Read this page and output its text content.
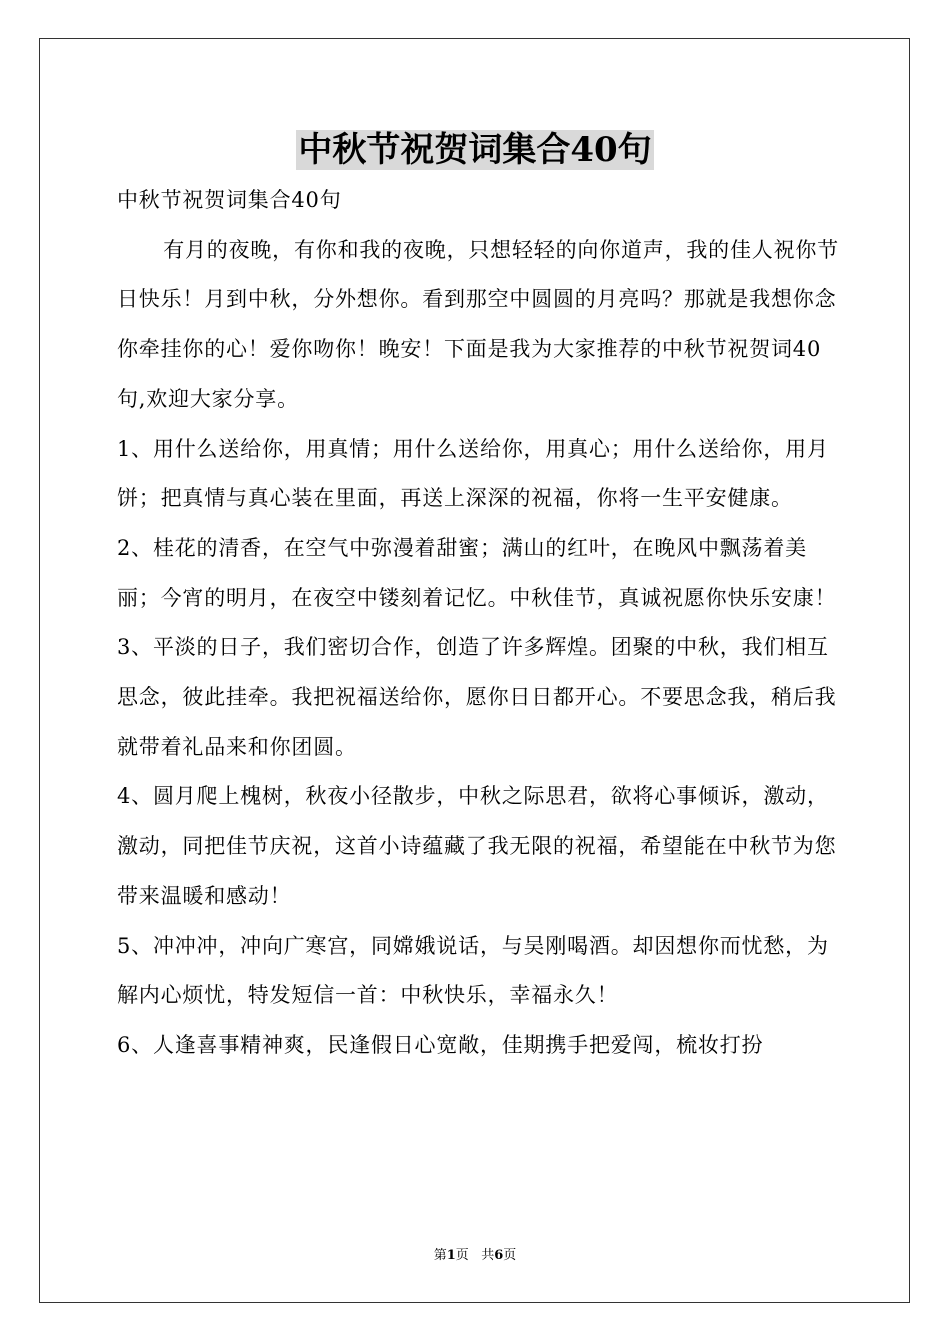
中秋节祝贺词集合40句

中秋节祝贺词集合40句

有月的夜晚，有你和我的夜晚，只想轻轻的向你道声，我的佳人祝你节日快乐！月到中秋，分外想你。看到那空中圆圆的月亮吗？那就是我想你念你牵挂你的心！爱你吻你！晚安！下面是我为大家推荐的中秋节祝贺词40句,欢迎大家分享。

1、用什么送给你，用真情；用什么送给你，用真心；用什么送给你，用月饼；把真情与真心装在里面，再送上深深的祝福，你将一生平安健康。

2、桂花的清香，在空气中弥漫着甜蜜；满山的红叶，在晚风中飘荡着美丽；今宵的明月，在夜空中镂刻着记忆。中秋佳节，真诚祝愿你快乐安康！

3、平淡的日子，我们密切合作，创造了许多辉煌。团聚的中秋，我们相互思念，彼此挂牵。我把祝福送给你，愿你日日都开心。不要思念我，稍后我就带着礼品来和你团圆。

4、圆月爬上槐树，秋夜小径散步，中秋之际思君，欲将心事倾诉，激动，激动，同把佳节庆祝，这首小诗蕴藏了我无限的祝福，希望能在中秋节为您带来温暖和感动！

5、冲冲冲，冲向广寒宫，同嫦娥说话，与吴刚喝酒。却因想你而忧愁，为解内心烦忧，特发短信一首：中秋快乐，幸福永久！

6、人逢喜事精神爽，民逢假日心宽敞，佳期携手把爱闯，梳妆打扮

第1页 共6页
